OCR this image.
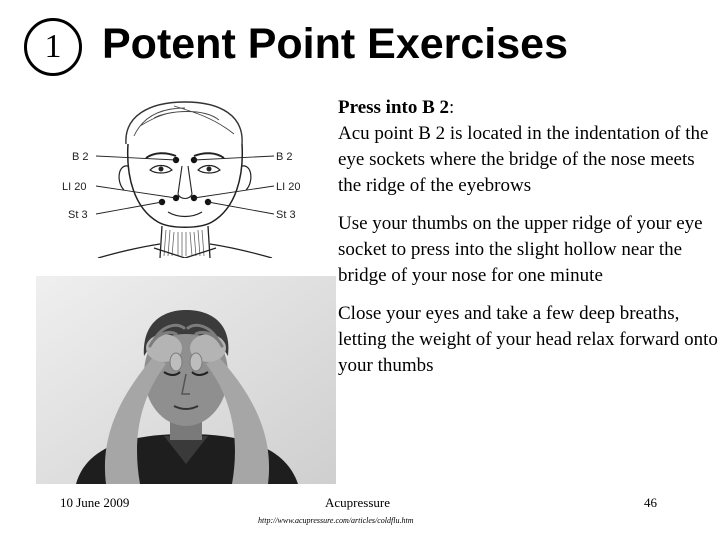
1 Potent Point Exercises
B 2
LI 20
St 3
B 2
LI 20
St 3

Press into B 2:
Acu point B 2 is located in the indentation of the eye sockets where the bridge of the nose meets the ridge of the eyebrows

Use your thumbs on the upper ridge of your eye socket to press into the slight hollow near the bridge of your nose for one minute

Close your eyes and take a few deep breaths, letting the weight of your head relax forward onto your thumbs

10 June 2009	Acupressure	46
http://www.acupressure.com/articles/coldflu.htm
